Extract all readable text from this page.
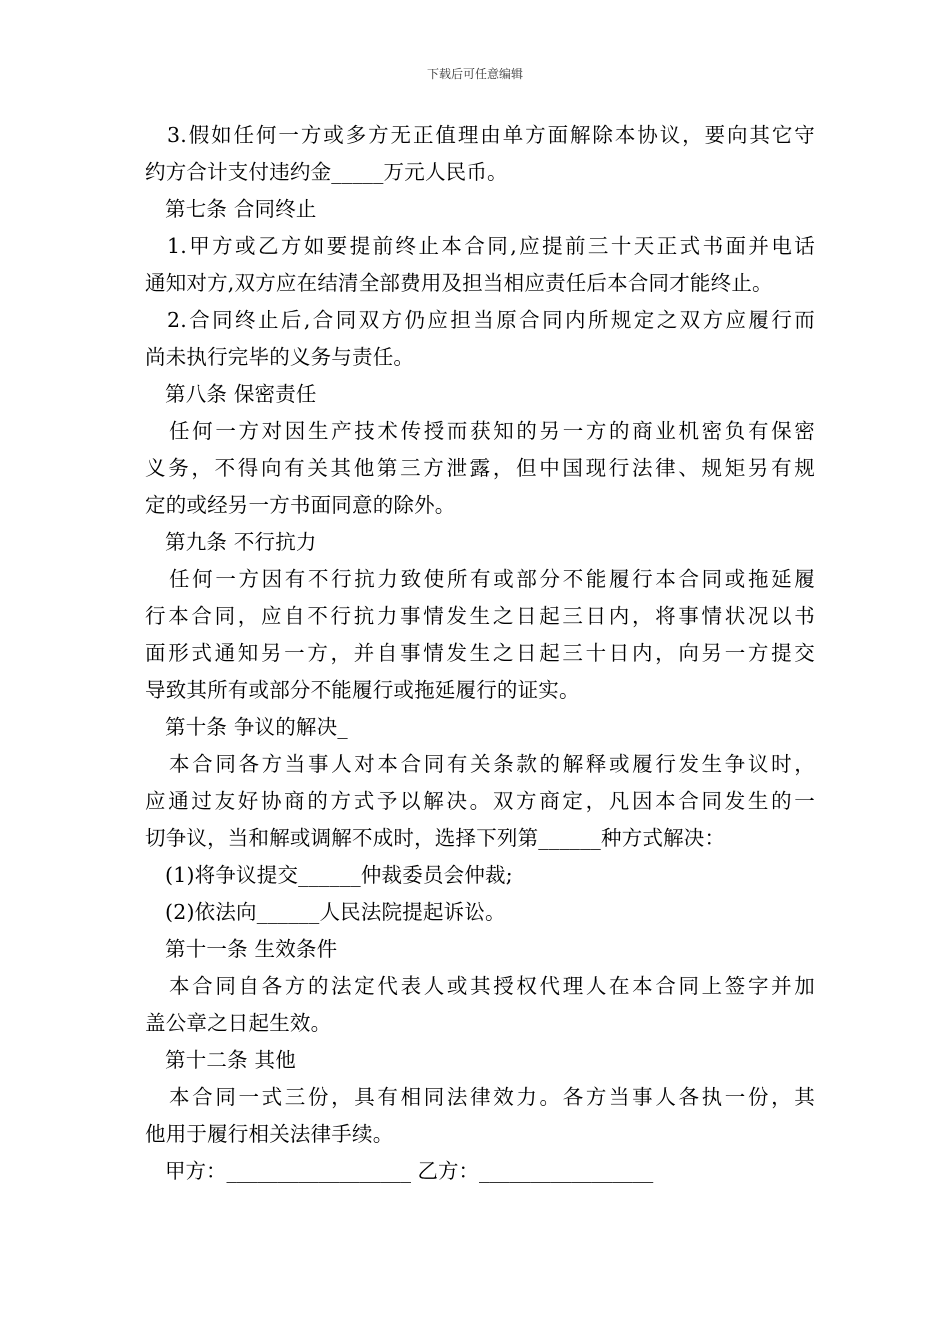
下载后可任意编辑
3.假如任何一方或多方无正值理由单方面解除本协议，要向其它守
约方合计支付违约金_____万元人民币。
第七条 合同终止
1.甲方或乙方如要提前终止本合同,应提前三十天正式书面并电话
通知对方,双方应在结清全部费用及担当相应责任后本合同才能终止。
2.合同终止后,合同双方仍应担当原合同内所规定之双方应履行而
尚未执行完毕的义务与责任。
第八条 保密责任
任何一方对因生产技术传授而获知的另一方的商业机密负有保密
义务，不得向有关其他第三方泄露，但中国现行法律、规矩另有规
定的或经另一方书面同意的除外。
第九条 不行抗力
任何一方因有不行抗力致使所有或部分不能履行本合同或拖延履
行本合同，应自不行抗力事情发生之日起三日内，将事情状况以书
面形式通知另一方，并自事情发生之日起三十日内，向另一方提交
导致其所有或部分不能履行或拖延履行的证实。
第十条 争议的解决_
本合同各方当事人对本合同有关条款的解释或履行发生争议时，
应通过友好协商的方式予以解决。双方商定，凡因本合同发生的一
切争议，当和解或调解不成时，选择下列第______种方式解决：
(1)将争议提交______仲裁委员会仲裁;
(2)依法向______人民法院提起诉讼。
第十一条 生效条件
本合同自各方的法定代表人或其授权代理人在本合同上签字并加
盖公章之日起生效。
第十二条 其他
本合同一式三份，具有相同法律效力。各方当事人各执一份，其
他用于履行相关法律手续。
甲方：__________________ 乙方：_________________
